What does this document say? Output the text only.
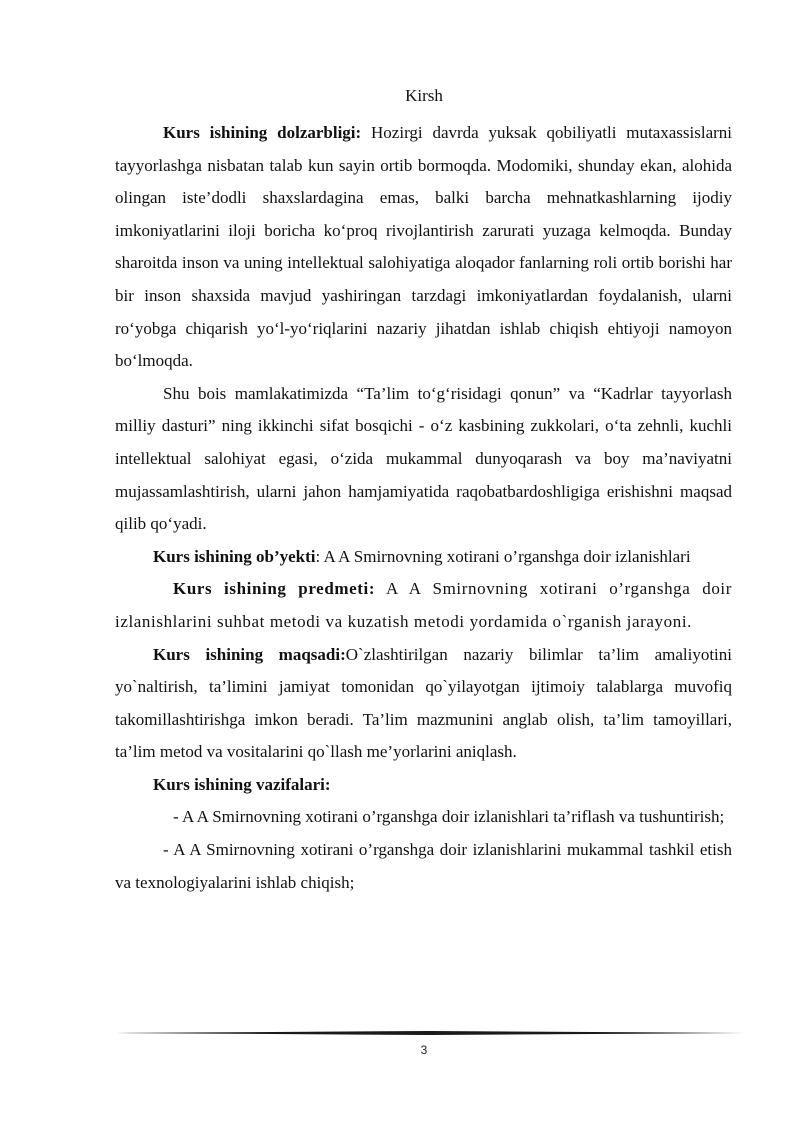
Kirsh

Kurs ishining dolzarbligi: Hozirgi davrda yuksak qobiliyatli mutaxassislarni tayyorlashga nisbatan talab kun sayin ortib bormoqda. Modomiki, shunday ekan, alohida olingan iste’dodli shaxslardagina emas, balki barcha mehnatkashlarning ijodiy imkoniyatlarini iloji boricha ko‘proq rivojlantirish zarurati yuzaga kelmoqda. Bunday sharoitda inson va uning intellektual salohiyatiga aloqador fanlarning roli ortib borishi har bir inson shaxsida mavjud yashiringan tarzdagi imkoniyatlardan foydalanish, ularni ro‘yobga chiqarish yo‘l-yo‘riqlarini nazariy jihatdan ishlab chiqish ehtiyoji namoyon bo‘lmoqda.

Shu bois mamlakatimizda “Ta’lim to‘g‘risidagi qonun” va “Kadrlar tayyorlash milliy dasturi” ning ikkinchi sifat bosqichi - o‘z kasbining zukkolari, o‘ta zehnli, kuchli intellektual salohiyat egasi, o‘zida mukammal dunyoqarash va boy ma’naviyatni mujassamlashtirish, ularni jahon hamjamiyatida raqobatbardoshligiga erishishni maqsad qilib qo‘yadi.

Kurs ishining ob’yekti: A A Smirnovning xotirani o’rganshga doir izlanishlari

Kurs ishining predmeti: A A Smirnovning xotirani o’rganshga doir izlanishlarini suhbat metodi va kuzatish metodi yordamida o`rganish jarayoni.

Kurs ishining maqsadi:O`zlashtirilgan nazariy bilimlar ta’lim amaliyotini yo`naltirish, ta’limini jamiyat tomonidan qo`yilayotgan ijtimoiy talablarga muvofiq takomillashtirishga imkon beradi. Ta’lim mazmunini anglab olish, ta’lim tamoyillari, ta’lim metod va vositalarini qo`llash me’yorlarini aniqlash.

Kurs ishining vazifalari:

- A A Smirnovning xotirani o’rganshga doir izlanishlari ta’riflash va tushuntirish;

- A A Smirnovning xotirani o’rganshga doir izlanishlarini mukammal tashkil etish va texnologiyalarini ishlab chiqish;

3
